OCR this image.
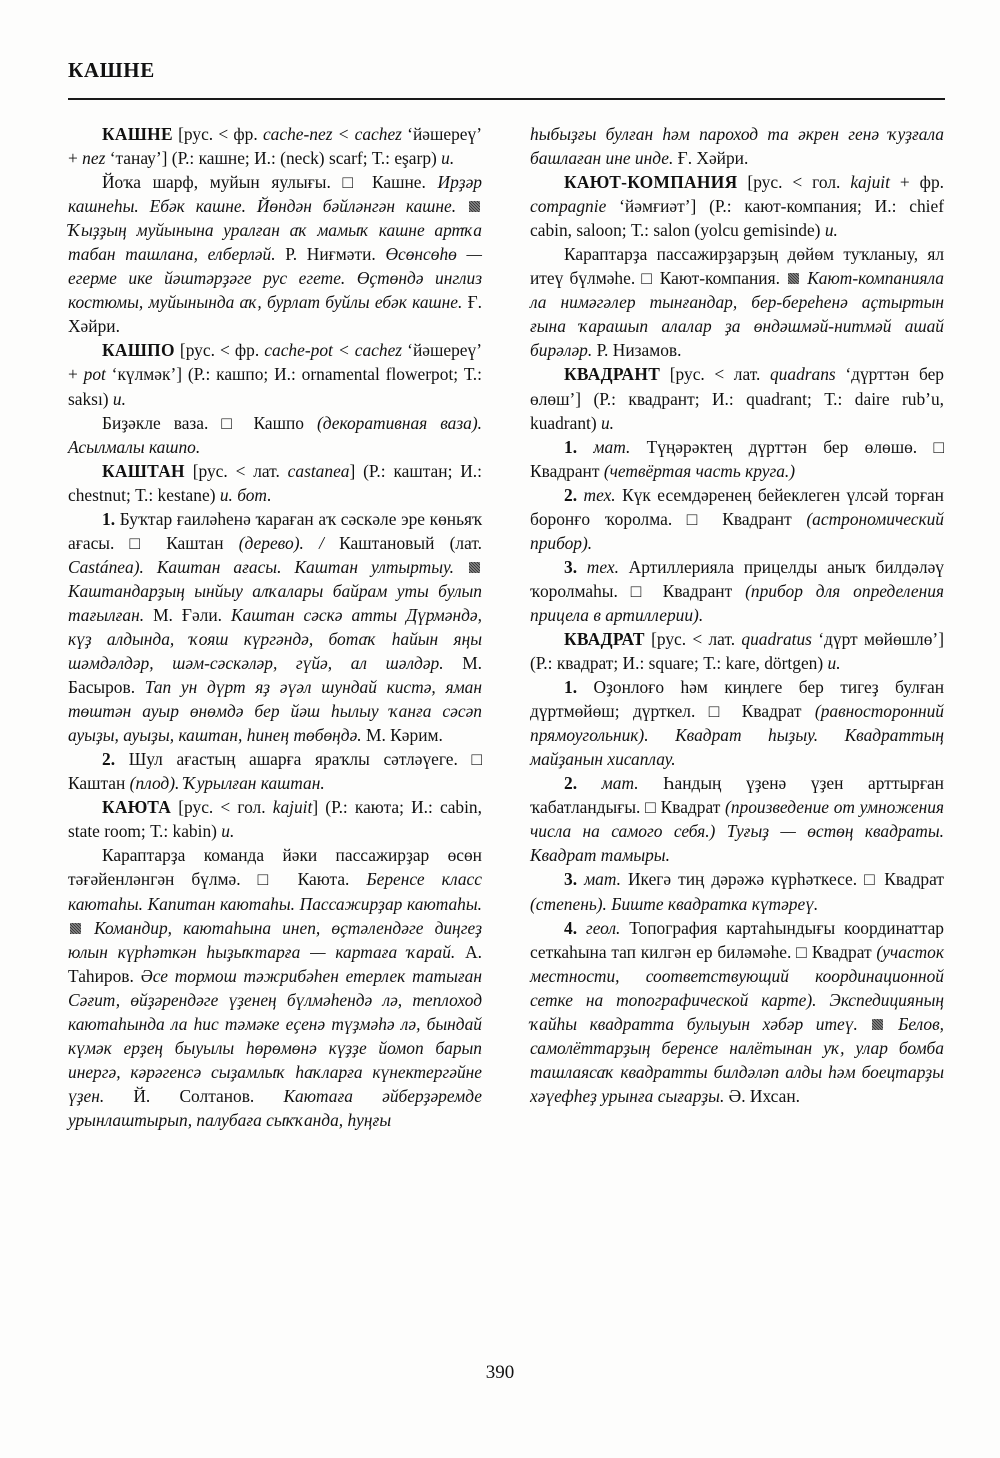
КАШНЕ

КАШНЕ [рус. < фр. cache-nez < cachez ‘йәшереү’ + nez ‘танау’] (Р.: кашне; И.: (neck) scarf; Т.: eşarp) и.

Йоҡа шарф, муйын яулығы. □ Кашне. Ирҙәр кашнеһы. Ебәк кашне. Йөндән бәйләнгән кашне.  Ҡыҙҙың муйынына уралған аҡ мамыҡ кашне артҡа табан ташлана, елберләй. Р. Ниғмәти. Өсөнсөһө — егерме ике йәштәрҙәге рус егете. Өҫтөндә инглиз костюмы, муйынында аҡ, бурлат буйлы ебәк кашне. Ғ. Хәйри.

КАШПО [рус. < фр. cache-pot < cachez ‘йәшереү’ + pot ‘күлмәк’] (Р.: кашпо; И.: ornamental flowerpot; Т.: saksı) и.

Биҙәкле ваза. □ Кашпо (декоративная ваза). Асылмалы кашпо.

КАШТАН [рус. < лат. castanea] (Р.: каштан; И.: chestnut; Т.: kestane) и. бот.

1. Буҡтар ғаиләһенә ҡараған аҡ сәскәле эре көньяҡ ағасы. □ Каштан (дерево). / Каштановый (лат. Castánea). Каштан ағасы. Каштан ултыртыу.  Каштандарҙың ынйыу алҡалары байрам уты булып тағылған. М. Ғәли. Каштан сәскә атты Дүрмәндә, күҙ алдында, ҡояш күргәндә, ботаҡ һайын яңы шәмдәлдәр, шәм-сәскәләр, гүйә, ал шәлдәр. М. Басыров. Тап ун дүрт яҙ әүәл шундай кистә, яман төштән ауыр өнөмдә бер йәш һылыу ҡанға сәсәп ауыҙы, ауыҙы, каштан, һинең төбөңдә. М. Кәрим.

2. Шул ағастың ашарға яраҡлы сәтләүеге. □ Каштан (плод). Ҡурылған каштан.

КАЮТА [рус. < гол. kajuit] (Р.: каюта; И.: cabin, state room; Т.: kabin) и.

Караптарҙа команда йәки пассажирҙар өсөн тәғәйенләнгән бүлмә. □ Каюта. Беренсе класс каютаһы. Капитан каютаһы. Пассажирҙар каютаһы.  Командир, каютаһына инеп, өҫтәлендәге диңгеҙ юлын күрһәткән һыҙыҡтарға — картаға ҡарай. А. Таһиров. Әсе тормош тәжрибәһен етерлек татыған Сәғит, өйҙәрендәге үҙенең бүлмәһендә лә, теплоход каютаһында ла һис тәмәке еҫенә түҙмәһә лә, бындай күмәк ерҙең быуылы һөрөмөнә күҙҙе йомоп барып инергә, кәрәгенсә сыҙамлыҡ һаҡларға күнектергәйне үҙен. Й. Солтанов. Каютаға әйберҙәремде урынлаштырып, палубаға сыҡҡанда, һуңғы

һыбыҙғы булған һәм пароход та әкрен генә ҡуҙғала башлаған ине инде. Ғ. Хәйри.

КАЮТ-КОМПАНИЯ [рус. < гол. kajuit + фр. compagnie ‘йәмғиәт’] (Р.: кают-компания; И.: chief cabin, saloon; Т.: salon (yolcu gemisinde) и.

Караптарҙа пассажирҙарҙың дөйөм туҡланыу, ял итеү бүлмәһе. □ Кают-компания.  Кают-компанияла ла нимәгәлер тынғандар, бер-береһенә аҫтыртын ғына ҡарашып алалар ҙа өндәшмәй-нитмәй ашай бирәләр. Р. Низамов.

КВАДРАНТ [рус. < лат. quadrans ‘дүрттән бер өлөш’] (Р.: квадрант; И.: quadrant; Т.: daire rub’u, kuadrant) и.

1. мат. Түңәрәктең дүрттән бер өлөшө. □ Квадрант (четвёртая часть круга.)

2. тех. Күк есемдәренең бейеклеген үлсәй торған боронғо ҡоролма. □ Квадрант (астрономический прибор).

3. тех. Артиллерияла прицелды аныҡ билдәләү ҡоролмаһы. □ Квадрант (прибор для определения прицела в артиллерии).

КВАДРАТ [рус. < лат. quadratus ‘дүрт мөйөшлө’] (Р.: квадрат; И.: square; Т.: kare, dörtgen) и.

1. Оҙонлоғо һәм киңлеге бер тигеҙ булған дүртмөйөш; дүрткел. □ Квадрат (равносторонний прямоугольник). Квадрат һыҙыу. Квадраттың майҙанын хисаплау.

2. мат. Һандың үҙенә үҙен арттырған ҡабатландығы. □ Квадрат (произведение от умножения числа на самого себя.) Туғыҙ — өстөң квадраты. Квадрат тамыры.

3. мат. Икегә тиң дәрәжә күрһәткесе. □ Квадрат (степень). Биште квадратка күтәреү.

4. геол. Топография картаһындығы координаттар сеткаһына тап килгән ер биләмәһе. □ Квадрат (участок местности, соответствующий координационной сетке на топографической карте). Экспедицияның ҡайһы квадратта булыуын хәбәр итеү.  Белов, самолёттарҙың беренсе налётынан уҡ, улар бомба ташлаясаҡ квадратты билдәләп алды һәм боецтарҙы хәүефһеҙ урынға сығарҙы. Ә. Ихсан.

390
